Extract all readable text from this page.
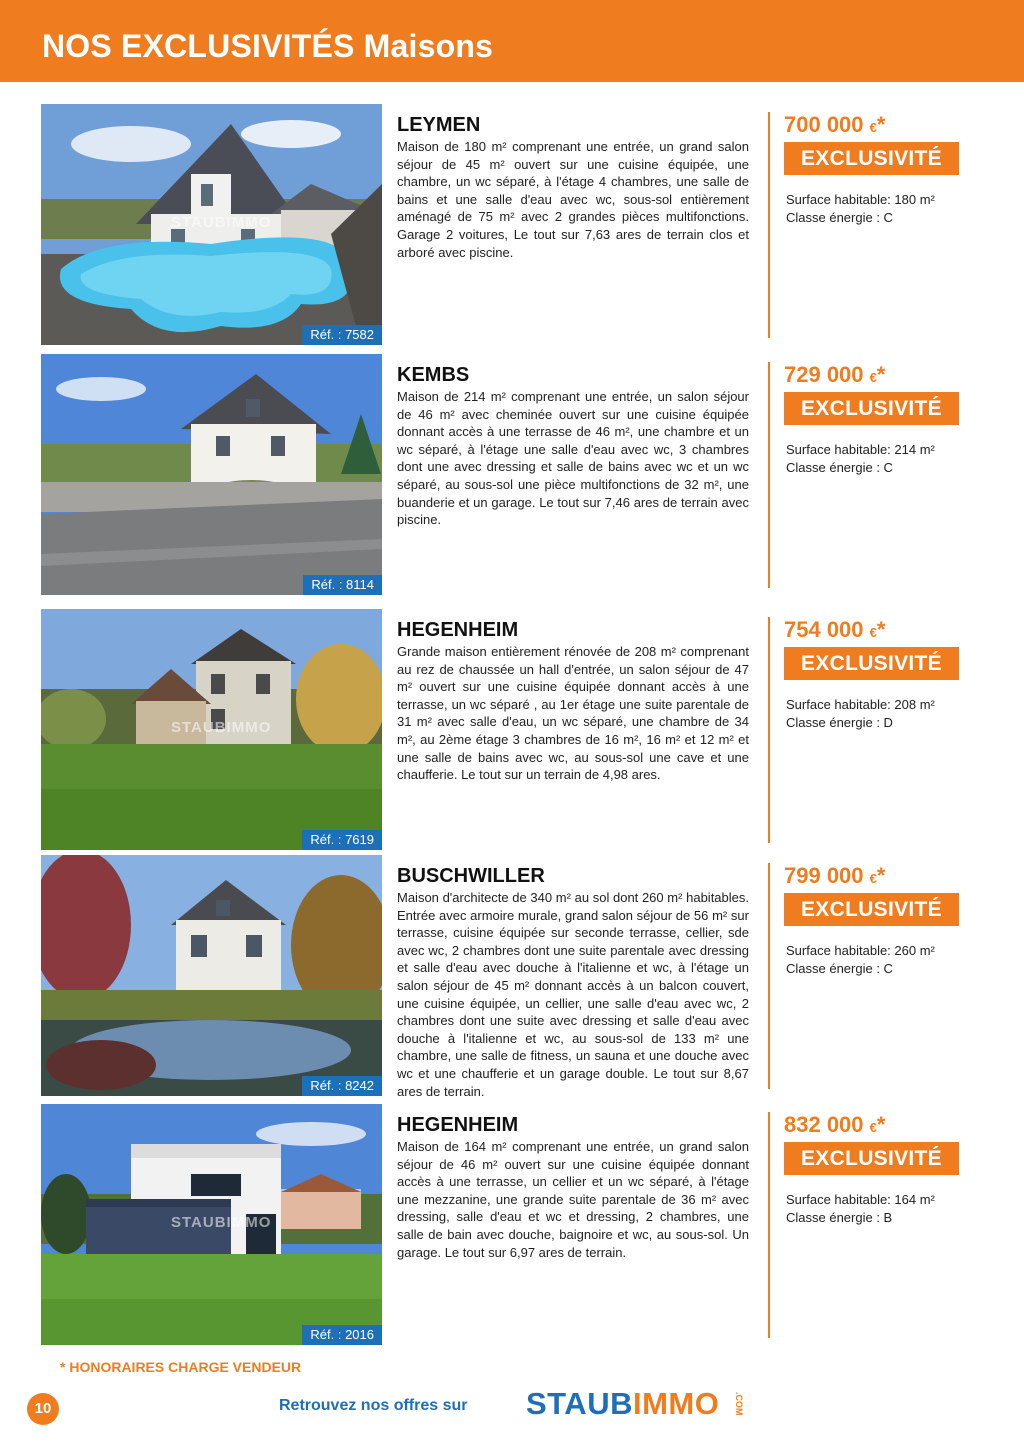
NOS EXCLUSIVITÉS Maisons
STAUBIMMO
Réf. : 7582
LEYMEN
Maison de 180 m² comprenant une entrée, un grand salon séjour de 45 m² ouvert sur une cuisine équipée, une chambre, un wc séparé, à l'étage 4 chambres, une salle de bains et une salle d'eau avec wc, sous-sol entièrement aménagé de 75 m² avec 2 grandes pièces multifonctions. Garage 2 voitures, Le tout sur 7,63 ares de terrain clos et arboré avec piscine.
700 000 €*
EXCLUSIVITÉ
Surface habitable: 180 m²
Classe énergie : C
Réf. : 8114
KEMBS
Maison de 214 m² comprenant une entrée, un salon séjour de 46 m² avec cheminée ouvert sur une cuisine équipée donnant accès à une terrasse de 46 m², une chambre et un wc séparé, à l'étage une salle d'eau avec wc, 3 chambres dont une avec dressing et salle de bains avec wc et un wc séparé, au sous-sol une pièce multifonctions de 32 m², une buanderie et un garage. Le tout sur 7,46 ares de terrain avec piscine.
729 000 €*
EXCLUSIVITÉ
Surface habitable: 214 m²
Classe énergie : C
STAUBIMMO
Réf. : 7619
HEGENHEIM
Grande maison entièrement rénovée de 208 m² comprenant au rez de chaussée un hall d'entrée, un salon séjour de 47 m² ouvert sur une cuisine équipée donnant accès à une terrasse, un wc séparé , au 1er étage une suite parentale de 31 m² avec salle d'eau, un wc séparé, une chambre de 34 m², au 2ème étage 3 chambres de 16 m², 16 m² et 12 m² et une salle de bains avec wc, au sous-sol une cave et une chaufferie. Le tout sur un terrain de 4,98 ares.
754 000 €*
EXCLUSIVITÉ
Surface habitable: 208 m²
Classe énergie : D
Réf. : 8242
BUSCHWILLER
Maison d'architecte de 340 m² au sol dont 260 m² habitables. Entrée avec armoire murale, grand salon séjour de 56 m² sur terrasse, cuisine équipée sur seconde terrasse, cellier, sde avec wc, 2 chambres dont une suite parentale avec dressing et salle d'eau avec douche à l'italienne et wc, à l'étage un salon séjour de 45 m² donnant accès à un balcon couvert, une cuisine équipée, un cellier, une salle d'eau avec wc, 2 chambres dont une suite avec dressing et salle d'eau avec douche à l'italienne et wc, au sous-sol de 133 m² une chambre, une salle de fitness, un sauna et une douche avec wc et une chaufferie et un garage double. Le tout sur 8,67 ares de terrain.
799 000 €*
EXCLUSIVITÉ
Surface habitable: 260 m²
Classe énergie : C
STAUBIMMO
Réf. : 2016
HEGENHEIM
Maison de 164 m² comprenant une entrée, un grand salon séjour de 46 m² ouvert sur une cuisine équipée donnant accès à une terrasse, un cellier et un wc séparé, à l'étage une mezzanine, une grande suite parentale de 36 m² avec dressing, salle d'eau et wc et dressing, 2 chambres, une salle de bain avec douche, baignoire et wc, au sous-sol. Un garage. Le tout sur 6,97 ares de terrain.
832 000 €*
EXCLUSIVITÉ
Surface habitable: 164 m²
Classe énergie : B
* HONORAIRES CHARGE VENDEUR
10	Retrouvez nos offres sur STAUBIMMO .COM
